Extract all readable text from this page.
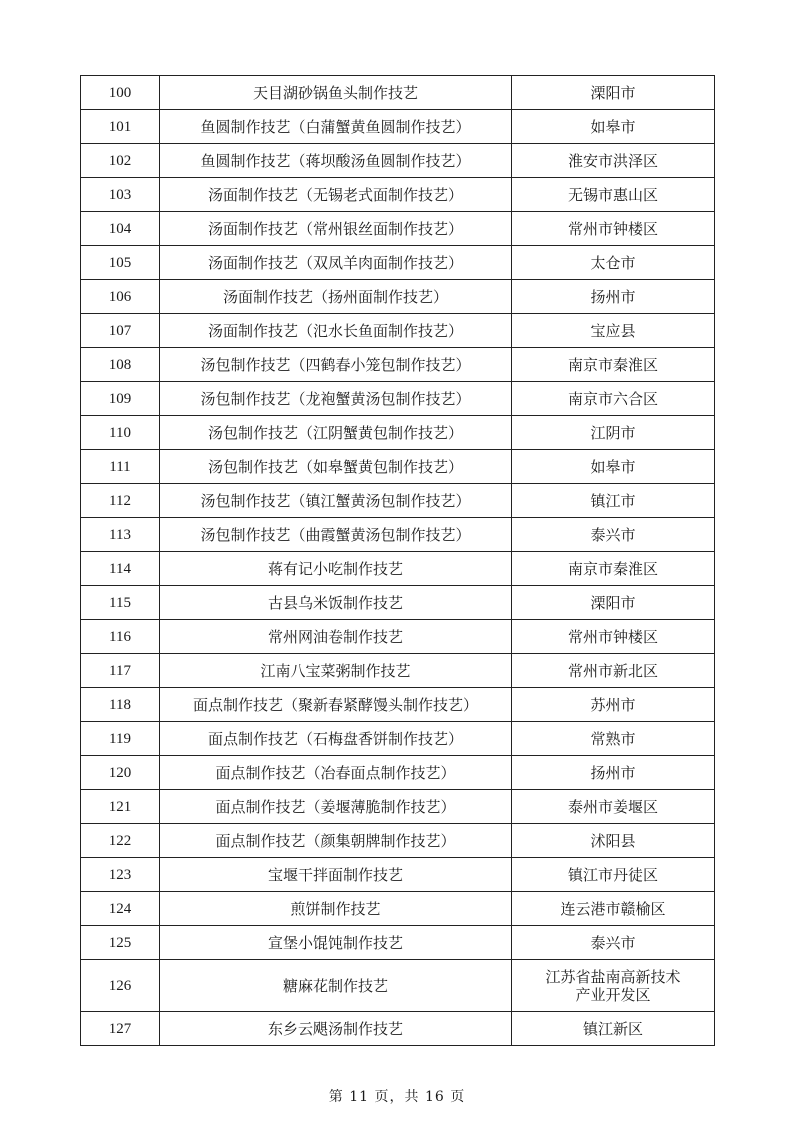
100	天目湖砂锅鱼头制作技艺	溧阳市

101	鱼圆制作技艺（白蒲蟹黄鱼圆制作技艺）	如皋市

102	鱼圆制作技艺（蒋坝酸汤鱼圆制作技艺）	淮安市洪泽区

103	汤面制作技艺（无锡老式面制作技艺）	无锡市惠山区

104	汤面制作技艺（常州银丝面制作技艺）	常州市钟楼区

105	汤面制作技艺（双凤羊肉面制作技艺）	太仓市

106	汤面制作技艺（扬州面制作技艺）	扬州市

107	汤面制作技艺（氾水长鱼面制作技艺）	宝应县

108	汤包制作技艺（四鹤春小笼包制作技艺）	南京市秦淮区

109	汤包制作技艺（龙袍蟹黄汤包制作技艺）	南京市六合区

110	汤包制作技艺（江阴蟹黄包制作技艺）	江阴市

111	汤包制作技艺（如皋蟹黄包制作技艺）	如皋市

112	汤包制作技艺（镇江蟹黄汤包制作技艺）	镇江市

113	汤包制作技艺（曲霞蟹黄汤包制作技艺）	泰兴市

114	蒋有记小吃制作技艺	南京市秦淮区

115	古县乌米饭制作技艺	溧阳市

116	常州网油卷制作技艺	常州市钟楼区

117	江南八宝菜粥制作技艺	常州市新北区

118	面点制作技艺（聚新春紧酵馒头制作技艺）	苏州市

119	面点制作技艺（石梅盘香饼制作技艺）	常熟市

120	面点制作技艺（冶春面点制作技艺）	扬州市

121	面点制作技艺（姜堰薄脆制作技艺）	泰州市姜堰区

122	面点制作技艺（颜集朝牌制作技艺）	沭阳县

123	宝堰干拌面制作技艺	镇江市丹徒区

124	煎饼制作技艺	连云港市赣榆区

125	宣堡小馄饨制作技艺	泰兴市

126	糖麻花制作技艺	江苏省盐南高新技术
产业开发区

127	东乡云飓汤制作技艺	镇江新区
第 11 页，共 16 页
